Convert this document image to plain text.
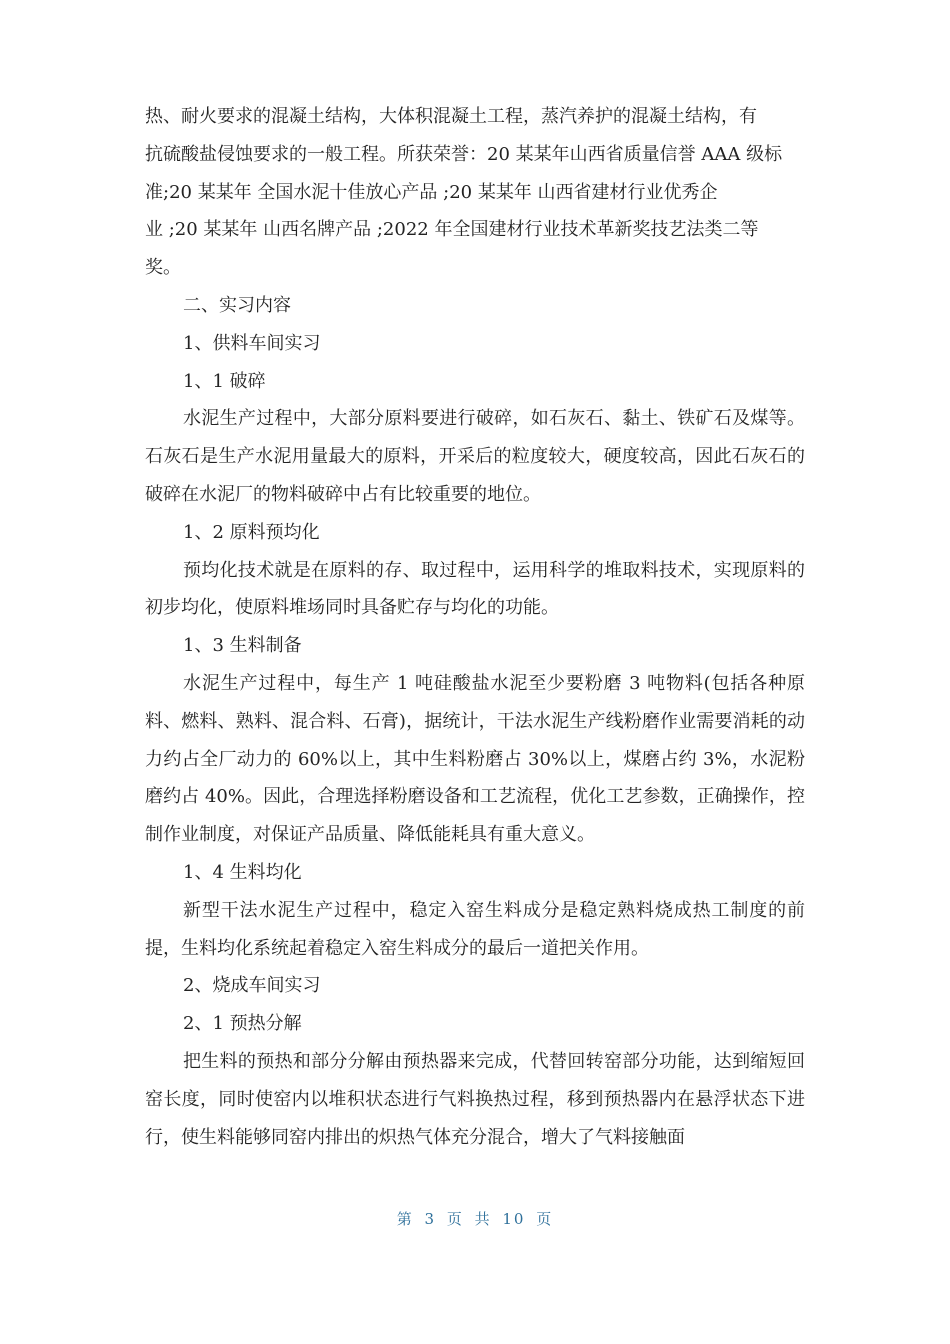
热、耐火要求的混凝土结构，大体积混凝土工程，蒸汽养护的混凝土结构，有

抗硫酸盐侵蚀要求的一般工程。所获荣誉：20 某某年山西省质量信誉 AAA 级标

准;20 某某年 全国水泥十佳放心产品 ;20 某某年 山西省建材行业优秀企

业 ;20 某某年 山西名牌产品 ;2022 年全国建材行业技术革新奖技艺法类二等

奖。

二、实习内容

1、供料车间实习

1、1 破碎

水泥生产过程中，大部分原料要进行破碎，如石灰石、黏土、铁矿石及煤等。石灰石是生产水泥用量最大的原料，开采后的粒度较大，硬度较高，因此石灰石的破碎在水泥厂的物料破碎中占有比较重要的地位。

1、2 原料预均化

预均化技术就是在原料的存、取过程中，运用科学的堆取料技术，实现原料的初步均化，使原料堆场同时具备贮存与均化的功能。

1、3 生料制备

水泥生产过程中，每生产 1 吨硅酸盐水泥至少要粉磨 3 吨物料(包括各种原料、燃料、熟料、混合料、石膏)，据统计，干法水泥生产线粉磨作业需要消耗的动力约占全厂动力的 60%以上，其中生料粉磨占 30%以上，煤磨占约 3%，水泥粉磨约占 40%。因此，合理选择粉磨设备和工艺流程，优化工艺参数，正确操作，控制作业制度，对保证产品质量、降低能耗具有重大意义。

1、4 生料均化

新型干法水泥生产过程中，稳定入窑生料成分是稳定熟料烧成热工制度的前提，生料均化系统起着稳定入窑生料成分的最后一道把关作用。

2、烧成车间实习

2、1 预热分解

把生料的预热和部分分解由预热器来完成，代替回转窑部分功能，达到缩短回窑长度，同时使窑内以堆积状态进行气料换热过程，移到预热器内在悬浮状态下进行，使生料能够同窑内排出的炽热气体充分混合，增大了气料接触面

第 3 页 共 10 页
